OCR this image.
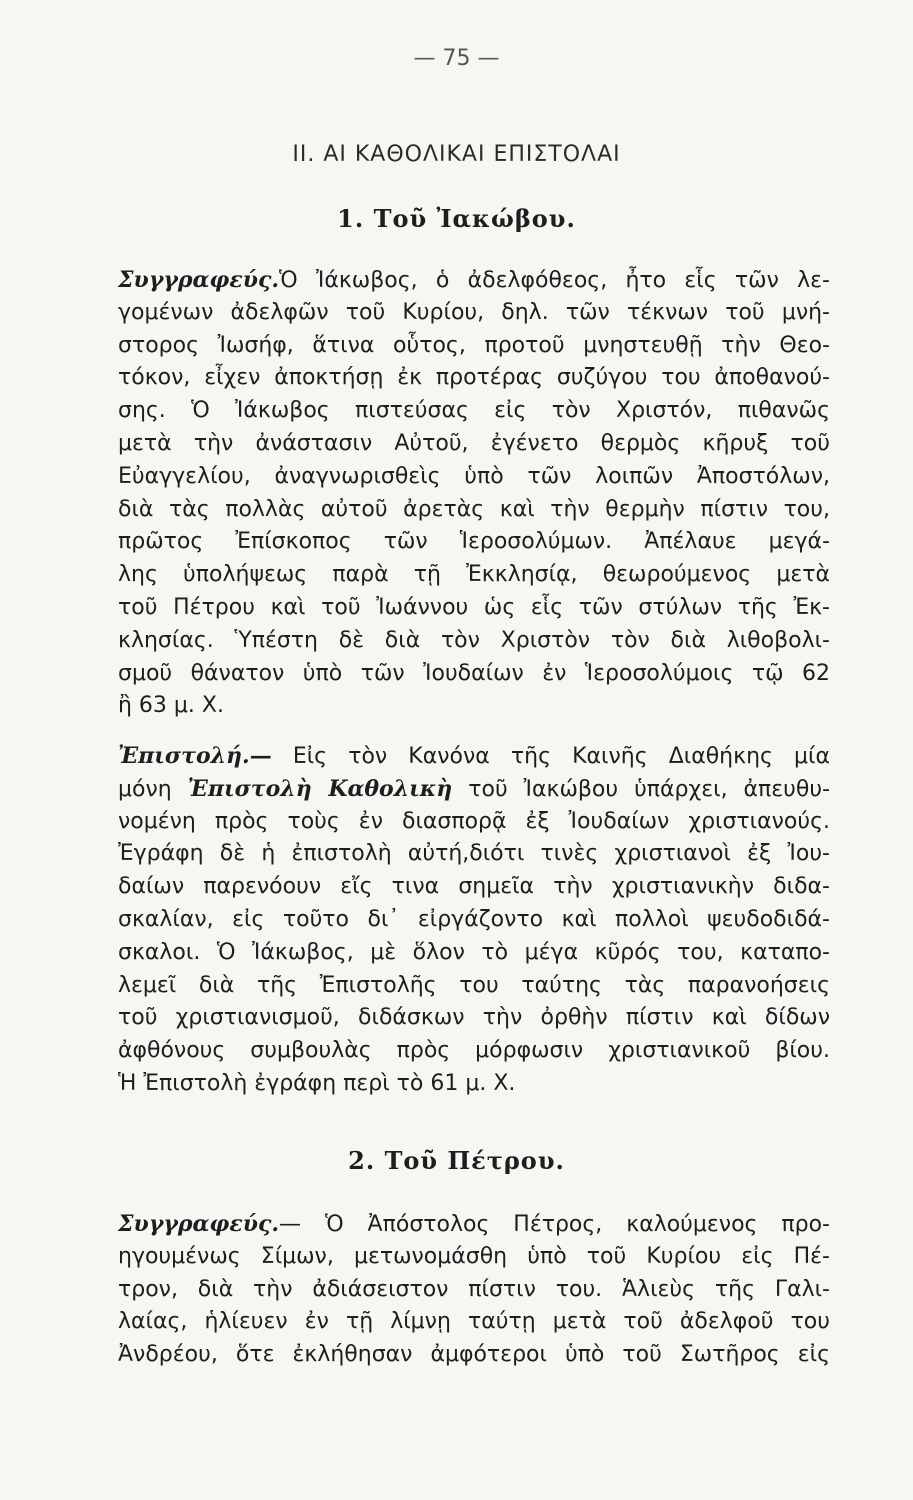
— 75 —
II. ΑΙ ΚΑΘΟΛΙΚΑΙ ΕΠΙΣΤΟΛΑΙ
1. Τοῦ Ἰακώβου.
Συγγραφεύς.Ὁ Ἰάκωβος, ὁ ἀδελφόθεος, ἦτο εἷς τῶν λε-
γομένων ἀδελφῶν τοῦ Κυρίου, δηλ. τῶν τέκνων τοῦ μνή-
στορος Ἰωσήφ, ἅτινα οὗτος, προτοῦ μνηστευθῇ τὴν Θεο-
τόκον, εἶχεν ἀποκτήσῃ ἐκ προτέρας συζύγου του ἀποθανού-
σης. Ὁ Ἰάκωβος πιστεύσας εἰς τὸν Χριστόν, πιθανῶς
μετὰ τὴν ἀνάστασιν Αὐτοῦ, ἐγένετο θερμὸς κῆρυξ τοῦ
Εὐαγγελίου, ἀναγνωρισθεὶς ὑπὸ τῶν λοιπῶν Ἀποστόλων,
διὰ τὰς πολλὰς αὐτοῦ ἀρετὰς καὶ τὴν θερμὴν πίστιν του,
πρῶτος Ἐπίσκοπος τῶν Ἱεροσολύμων. Ἀπέλαυε μεγά-
λης ὑπολήψεως παρὰ τῇ Ἐκκλησίᾳ, θεωρούμενος μετὰ
τοῦ Πέτρου καὶ τοῦ Ἰωάννου ὡς εἷς τῶν στύλων τῆς Ἐκ-
κλησίας. Ὑπέστη δὲ διὰ τὸν Χριστὸν τὸν διὰ λιθοβολι-
σμοῦ θάνατον ὑπὸ τῶν Ἰουδαίων ἐν Ἱεροσολύμοις τῷ 62
ἢ 63 μ. Χ.
Ἐπιστολή.— Εἰς τὸν Κανόνα τῆς Καινῆς Διαθήκης μία
μόνη Ἐπιστολὴ Καθολικὴ τοῦ Ἰακώβου ὑπάρχει, ἀπευθυ-
νομένη πρὸς τοὺς ἐν διασπορᾷ ἐξ Ἰουδαίων χριστιανούς.
Ἐγράφη δὲ ἡ ἐπιστολὴ αὐτή,διότι τινὲς χριστιανοὶ ἐξ Ἰου-
δαίων παρενόουν εἴς τινα σημεῖα τὴν χριστιανικὴν διδα-
σκαλίαν, εἰς τοῦτο δι᾽ εἰργάζοντο καὶ πολλοὶ ψευδοδιδά-
σκαλοι. Ὁ Ἰάκωβος, μὲ ὅλον τὸ μέγα κῦρός του, καταπο-
λεμεῖ διὰ τῆς Ἐπιστολῆς του ταύτης τὰς παρανοήσεις
τοῦ χριστιανισμοῦ, διδάσκων τὴν ὀρθὴν πίστιν καὶ δίδων
ἀφθόνους συμβουλὰς πρὸς μόρφωσιν χριστιανικοῦ βίου.
Ἡ Ἐπιστολὴ ἐγράφη περὶ τὸ 61 μ. Χ.
2. Τοῦ Πέτρου.
Συγγραφεύς.— Ὁ Ἀπόστολος Πέτρος, καλούμενος προ-
ηγουμένως Σίμων, μετωνομάσθη ὑπὸ τοῦ Κυρίου εἰς Πέ-
τρον, διὰ τὴν ἀδιάσειστον πίστιν του. Ἁλιεὺς τῆς Γαλι-
λαίας, ἡλίευεν ἐν τῇ λίμνῃ ταύτῃ μετὰ τοῦ ἀδελφοῦ του
Ἀνδρέου, ὅτε ἐκλήθησαν ἀμφότεροι ὑπὸ τοῦ Σωτῆρος εἰς
